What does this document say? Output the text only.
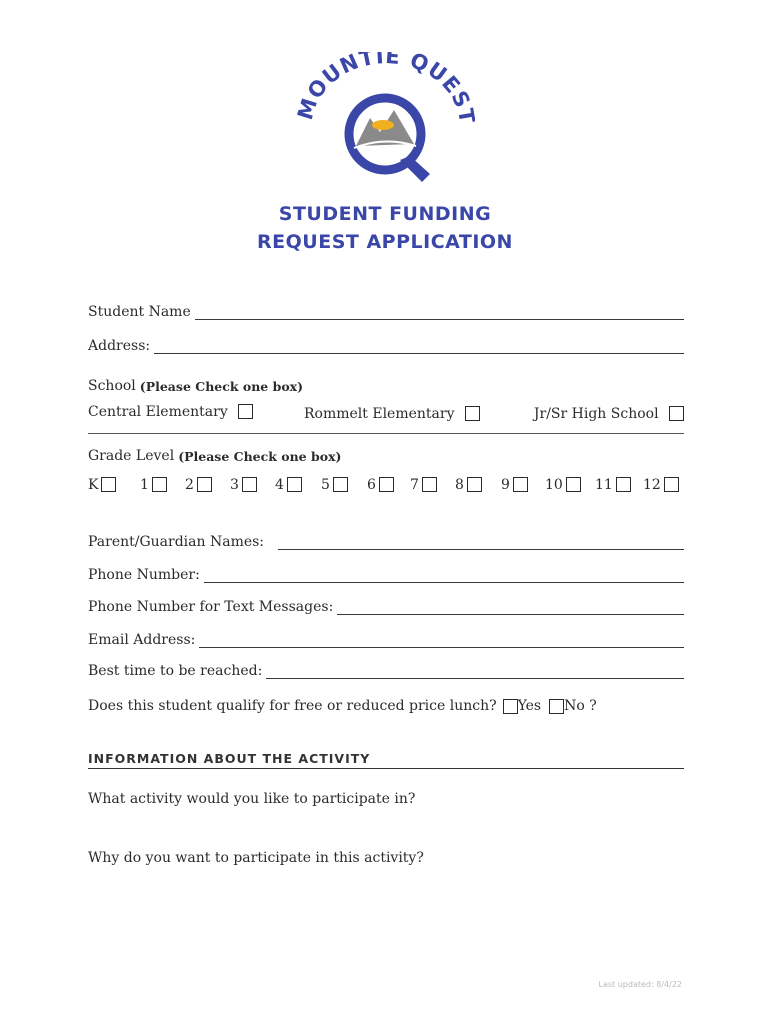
MOUNTIE QUES
STUDENT FUNDING
REQUEST APPLICATION
Student Name
Address:
School (Please Check one box)
Central Elementary	Rommelt Elementary	Jr/Sr High School
Grade Level (Please Check one box)
K	1	2	3	4	5	6	7	8	9	10	11	12
Parent/Guardian Names:
Phone Number:
Phone Number for Text Messages:
Email Address:
Best time to be reached:
Does this student qualify for free or reduced price lunch? Yes No ?
INFORMATION ABOUT THE ACTIVITY
What activity would you like to participate in?
Why do you want to participate in this activity?
Last updated: 8/4/22
